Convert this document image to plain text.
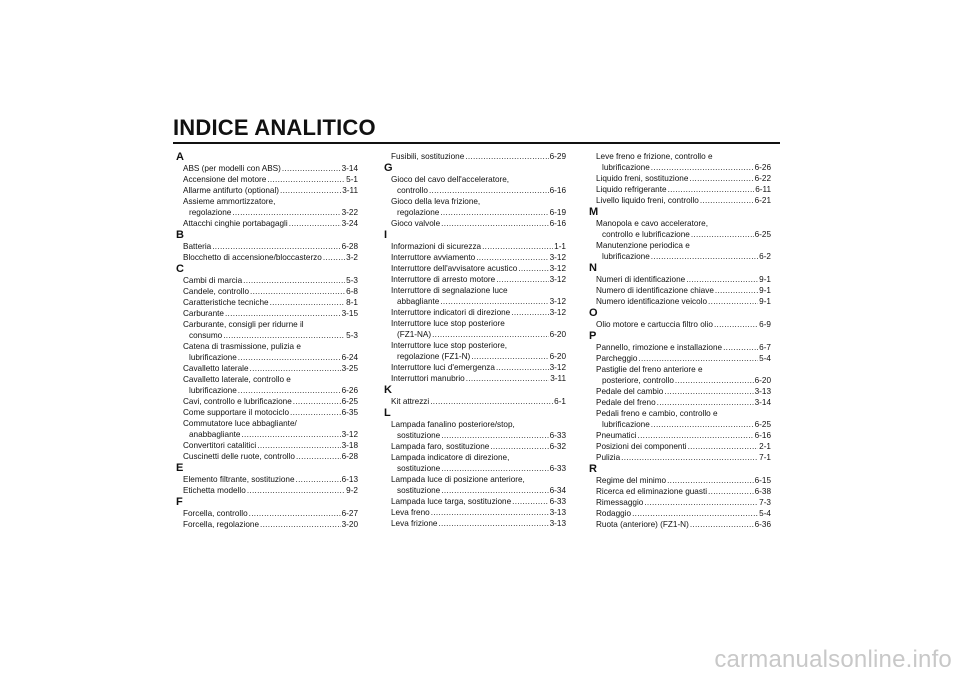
INDICE ANALITICO
A
ABS (per modelli con ABS) .....	3-14
Accensione del motore .....	5-1
Allarme antifurto (optional) .....	3-11
Assieme ammortizzatore,
regolazione .....	3-22
Attacchi cinghie portabagagli .....	3-24
B
Batteria .....	6-28
Blocchetto di accensione/bloccasterzo .....	3-2
C
Cambi di marcia .....	5-3
Candele, controllo .....	6-8
Caratteristiche tecniche .....	8-1
Carburante .....	3-15
Carburante, consigli per ridurne il
consumo .....	5-3
Catena di trasmissione, pulizia e
lubrificazione .....	6-24
Cavalletto laterale .....	3-25
Cavalletto laterale, controllo e
lubrificazione .....	6-26
Cavi, controllo e lubrificazione .....	6-25
Come supportare il motociclo .....	6-35
Commutatore luce abbagliante/
anabbagliante .....	3-12
Convertitori catalitici .....	3-18
Cuscinetti delle ruote, controllo .....	6-28
E
Elemento filtrante, sostituzione .....	6-13
Etichetta modello .....	9-2
F
Forcella, controllo .....	6-27
Forcella, regolazione .....	3-20
Fusibili, sostituzione .....	6-29
G
Gioco del cavo dell'acceleratore,
controllo .....	6-16
Gioco della leva frizione,
regolazione .....	6-19
Gioco valvole .....	6-16
I
Informazioni di sicurezza .....	1-1
Interruttore avviamento .....	3-12
Interruttore dell'avvisatore acustico .....	3-12
Interruttore di arresto motore .....	3-12
Interruttore di segnalazione luce
abbagliante .....	3-12
Interruttore indicatori di direzione .....	3-12
Interruttore luce stop posteriore
(FZ1-NA) .....	6-20
Interruttore luce stop posteriore,
regolazione (FZ1-N) .....	6-20
Interruttore luci d'emergenza .....	3-12
Interruttori manubrio .....	3-11
K
Kit attrezzi .....	6-1
L
Lampada fanalino posteriore/stop,
sostituzione .....	6-33
Lampada faro, sostituzione .....	6-32
Lampada indicatore di direzione,
sostituzione .....	6-33
Lampada luce di posizione anteriore,
sostituzione .....	6-34
Lampada luce targa, sostituzione .....	6-33
Leva freno .....	3-13
Leva frizione .....	3-13
Leve freno e frizione, controllo e
lubrificazione .....	6-26
Liquido freni, sostituzione .....	6-22
Liquido refrigerante .....	6-11
Livello liquido freni, controllo .....	6-21
M
Manopola e cavo acceleratore,
controllo e lubrificazione .....	6-25
Manutenzione periodica e
lubrificazione .....	6-2
N
Numeri di identificazione .....	9-1
Numero di identificazione chiave .....	9-1
Numero identificazione veicolo .....	9-1
O
Olio motore e cartuccia filtro olio .....	6-9
P
Pannello, rimozione e installazione .....	6-7
Parcheggio .....	5-4
Pastiglie del freno anteriore e
posteriore, controllo .....	6-20
Pedale del cambio .....	3-13
Pedale del freno .....	3-14
Pedali freno e cambio, controllo e
lubrificazione .....	6-25
Pneumatici .....	6-16
Posizioni dei componenti .....	2-1
Pulizia .....	7-1
R
Regime del minimo .....	6-15
Ricerca ed eliminazione guasti .....	6-38
Rimessaggio .....	7-3
Rodaggio .....	5-4
Ruota (anteriore) (FZ1-N) .....	6-36
carmanualsonline.info
